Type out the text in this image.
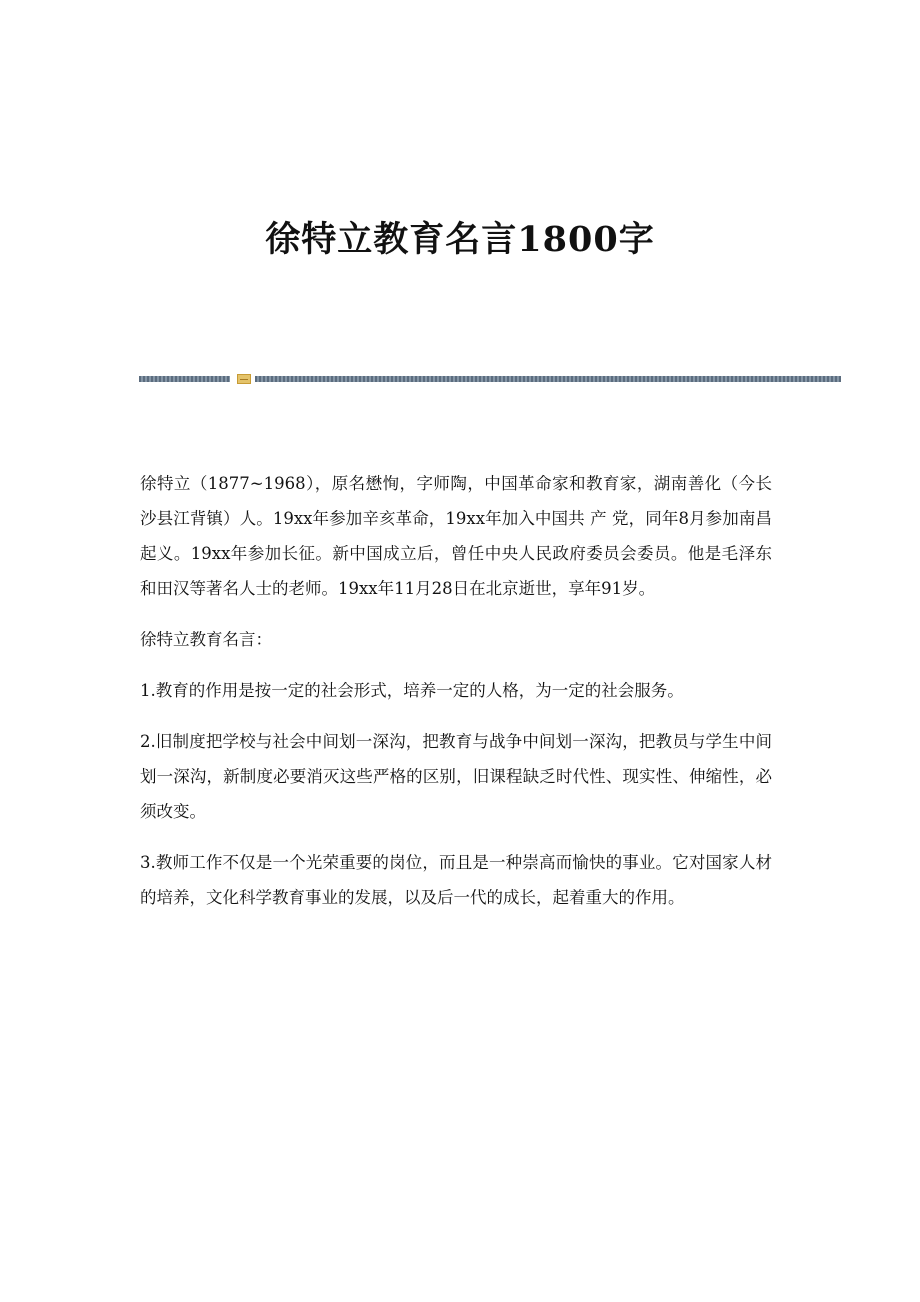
徐特立教育名言1800字

徐特立（1877~1968），原名懋恂，字师陶，中国革命家和教育家，湖南善化（今长沙县江背镇）人。19xx年参加辛亥革命，19xx年加入中国共 产 党，同年8月参加南昌起义。19xx年参加长征。新中国成立后，曾任中央人民政府委员会委员。他是毛泽东和田汉等著名人士的老师。19xx年11月28日在北京逝世，享年91岁。

徐特立教育名言：

1.教育的作用是按一定的社会形式，培养一定的人格，为一定的社会服务。

2.旧制度把学校与社会中间划一深沟，把教育与战争中间划一深沟，把教员与学生中间划一深沟，新制度必要消灭这些严格的区别，旧课程缺乏时代性、现实性、伸缩性，必须改变。

3.教师工作不仅是一个光荣重要的岗位，而且是一种崇高而愉快的事业。它对国家人材的培养，文化科学教育事业的发展，以及后一代的成长，起着重大的作用。
